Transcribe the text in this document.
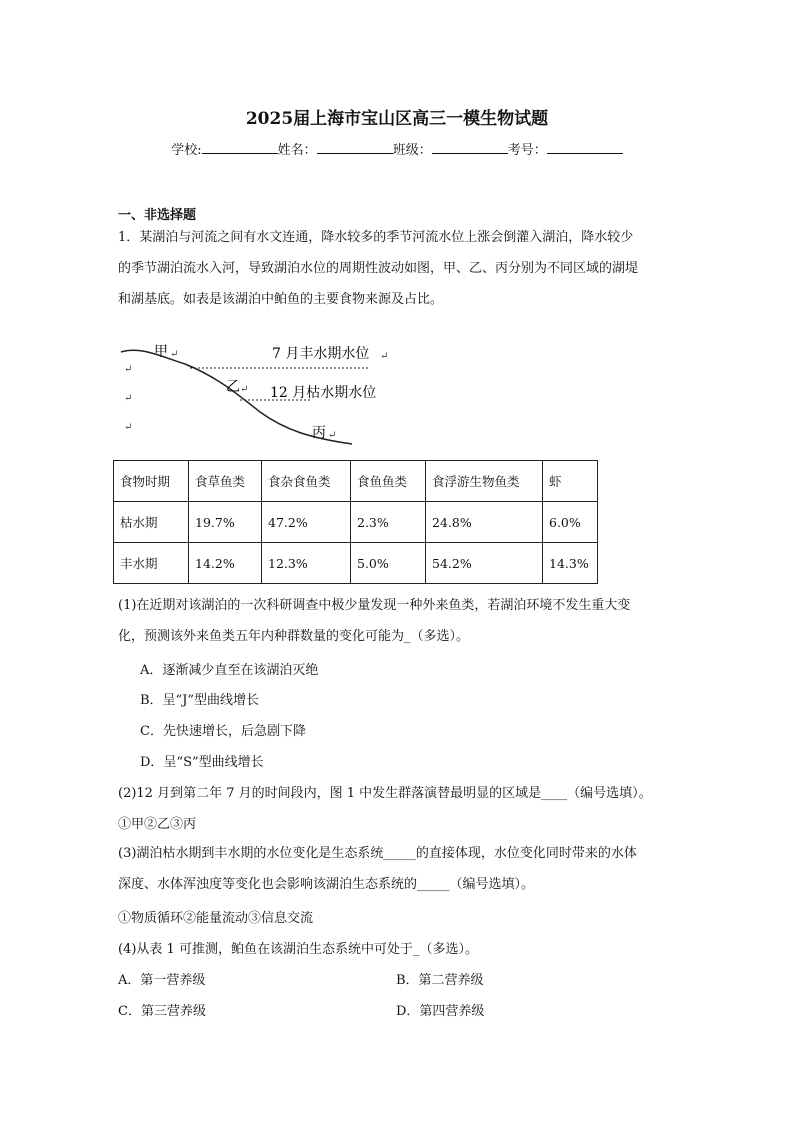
2025届上海市宝山区高三一模生物试题
学校:	姓名：	班级：	考号：
一、非选择题
1．某湖泊与河流之间有水文连通，降水较多的季节河流水位上涨会倒灌入湖泊，降水较少
的季节湖泊流水入河，导致湖泊水位的周期性波动如图，甲、乙、丙分别为不同区域的湖堤
和湖基底。如表是该湖泊中鲌鱼的主要食物来源及占比。
甲 ↵	7 月丰水期水位 ↵
乙 ↵ 12 月枯水期水位
丙 ↵
↵
↵
↵
食物时期	食草鱼类	食杂食鱼类	食鱼鱼类	食浮游生物鱼类	虾
枯水期	19.7%	47.2%	2.3%	24.8%	6.0%
丰水期	14.2%	12.3%	5.0%	54.2%	14.3%
(1)在近期对该湖泊的一次科研调查中极少量发现一种外来鱼类，若湖泊环境不发生重大变
化，预测该外来鱼类五年内种群数量的变化可能为_（多选）。
A．逐渐减少直至在该湖泊灭绝
B．呈“J”型曲线增长
C．先快速增长，后急剧下降
D．呈“S”型曲线增长
(2)12 月到第二年 7 月的时间段内，图 1 中发生群落演替最明显的区域是____（编号选填）。
①甲②乙③丙
(3)湖泊枯水期到丰水期的水位变化是生态系统_____的直接体现，水位变化同时带来的水体
深度、水体浑浊度等变化也会影响该湖泊生态系统的_____（编号选填）。
①物质循环②能量流动③信息交流
(4)从表 1 可推测，鲌鱼在该湖泊生态系统中可处于_（多选）。
A．第一营养级	B．第二营养级
C．第三营养级	D．第四营养级
